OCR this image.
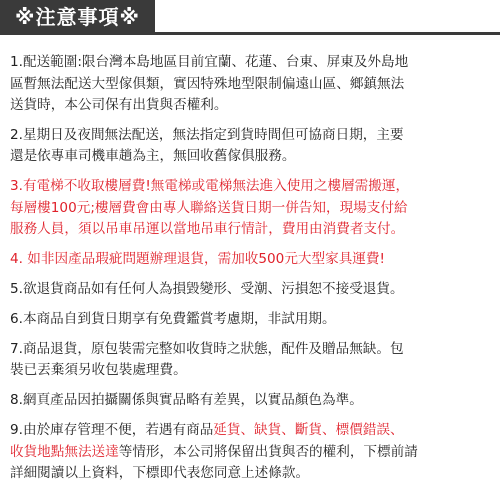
※注意事項※
1.配送範圍:限台灣本島地區目前宜蘭、花蓮、台東、屏東及外島地
區暫無法配送大型傢俱類，實因特殊地型限制偏遠山區、鄉鎮無法
送貨時，本公司保有出貨與否權利。
2.星期日及夜間無法配送，無法指定到貨時間但可協商日期，主要
還是依專車司機車趟為主，無回收舊傢俱服務。
3.有電梯不收取樓層費!無電梯或電梯無法進入使用之樓層需搬運，
每層樓100元;樓層費會由專人聯絡送貨日期一併告知，現場支付給
服務人員，須以吊車吊運以當地吊車行情計，費用由消費者支付。
4. 如非因產品瑕疵問題辦理退貨，需加收500元大型家具運費!
5.欲退貨商品如有任何人為損毀變形、受潮、污損恕不接受退貨。
6.本商品自到貨日期享有免費鑑賞考慮期，非試用期。
7.商品退貨，原包裝需完整如收貨時之狀態，配件及贈品無缺。包
裝已丟棄須另收包裝處理費。
8.網頁產品因拍攝關係與實品略有差異，以實品顏色為準。
9.由於庫存管理不便，若遇有商品延貨、缺貨、斷貨、標價錯誤、
收貨地點無法送達等情形，本公司將保留出貨與否的權利，下標前請
詳細閱讀以上資料，下標即代表您同意上述條款。
